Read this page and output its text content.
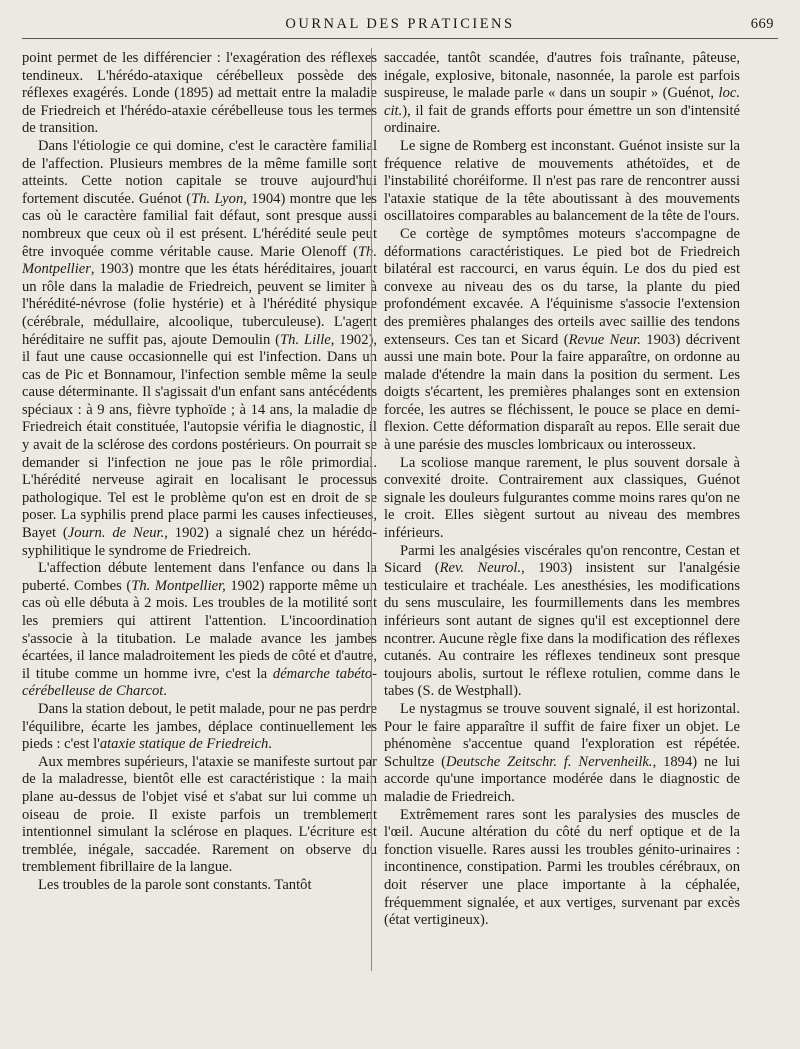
OURNAL DES PRATICIENS	669

point permet de les différencier : l'exagération des réflexes tendineux. L'hérédo-ataxique cérébelleux possède des réflexes exagérés. Londe (1895) ad mettait entre la maladie de Friedreich et l'hérédo-ataxie cérébelleuse tous les termes de transition.

Dans l'étiologie ce qui domine, c'est le caractère familial de l'affection. Plusieurs membres de la même famille sont atteints. Cette notion capitale se trouve aujourd'hui fortement discutée. Guénot (Th. Lyon, 1904) montre que les cas où le caractère familial fait défaut, sont presque aussi nombreux que ceux où il est présent. L'hérédité seule peut être invoquée comme véritable cause. Marie Olenoff (Th. Montpellier, 1903) montre que les états héréditaires, jouant un rôle dans la maladie de Friedreich, peuvent se limiter à l'hérédité-névrose (folie hystérie) et à l'hérédité physique (cérébrale, médullaire, alcoolique, tuberculeuse). L'agent héréditaire ne suffit pas, ajoute Demoulin (Th. Lille, 1902), il faut une cause occasionnelle qui est l'infection. Dans un cas de Pic et Bonnamour, l'infection semble même la seule cause déterminante. Il s'agissait d'un enfant sans antécédents spéciaux : à 9 ans, fièvre typhoïde ; à 14 ans, la maladie de Friedreich était constituée, l'autopsie vérifia le diagnostic, il y avait de la sclérose des cordons postérieurs. On pourrait se demander si l'infection ne joue pas le rôle primordial. L'hérédité nerveuse agirait en localisant le processus pathologique. Tel est le problème qu'on est en droit de se poser. La syphilis prend place parmi les causes infectieuses, Bayet (Journ. de Neur., 1902) a signalé chez un hérédo-syphilitique le syndrome de Friedreich.

L'affection débute lentement dans l'enfance ou dans la puberté. Combes (Th. Montpellier, 1902) rapporte même un cas où elle débuta à 2 mois. Les troubles de la motilité sont les premiers qui attirent l'attention. L'incoordination s'associe à la titubation. Le malade avance les jambes écartées, il lance maladroitement les pieds de côté et d'autre, il titube comme un homme ivre, c'est la démarche tabéto-cérébelleuse de Charcot.

Dans la station debout, le petit malade, pour ne pas perdre l'équilibre, écarte les jambes, déplace continuellement les pieds : c'est l'ataxie statique de Friedreich.

Aux membres supérieurs, l'ataxie se manifeste surtout par de la maladresse, bientôt elle est caractéristique : la main plane au-dessus de l'objet visé et s'abat sur lui comme un oiseau de proie. Il existe parfois un tremblement intentionnel simulant la sclérose en plaques. L'écriture est tremblée, inégale, saccadée. Rarement on observe du tremblement fibrillaire de la langue.

Les troubles de la parole sont constants. Tantôt

saccadée, tantôt scandée, d'autres fois traînante, pâteuse, inégale, explosive, bitonale, nasonnée, la parole est parfois suspireuse, le malade parle « dans un soupir » (Guénot, loc. cit.), il fait de grands efforts pour émettre un son d'intensité ordinaire.

Le signe de Romberg est inconstant. Guénot insiste sur la fréquence relative de mouvements athétoïdes, et de l'instabilité choréiforme. Il n'est pas rare de rencontrer aussi l'ataxie statique de la tête aboutissant à des mouvements oscillatoires comparables au balancement de la tête de l'ours.

Ce cortège de symptômes moteurs s'accompagne de déformations caractéristiques. Le pied bot de Friedreich bilatéral est raccourci, en varus équin. Le dos du pied est convexe au niveau des os du tarse, la plante du pied profondément excavée. A l'équinisme s'associe l'extension des premières phalanges des orteils avec saillie des tendons extenseurs. Ces tan et Sicard (Revue Neur. 1903) décrivent aussi une main bote. Pour la faire apparaître, on ordonne au malade d'étendre la main dans la position du serment. Les doigts s'écartent, les premières phalanges sont en extension forcée, les autres se fléchissent, le pouce se place en demi-flexion. Cette déformation disparaît au repos. Elle serait due à une parésie des muscles lombricaux ou interosseux.

La scoliose manque rarement, le plus souvent dorsale à convexité droite. Contrairement aux classiques, Guénot signale les douleurs fulgurantes comme moins rares qu'on ne le croit. Elles siègent surtout au niveau des membres inférieurs.

Parmi les analgésies viscérales qu'on rencontre, Cestan et Sicard (Rev. Neurol., 1903) insistent sur l'analgésie testiculaire et trachéale. Les anesthésies, les modifications du sens musculaire, les fourmillements dans les membres inférieurs sont autant de signes qu'il est exceptionnel dere ncontrer. Aucune règle fixe dans la modification des réflexes cutanés. Au contraire les réflexes tendineux sont presque toujours abolis, surtout le réflexe rotulien, comme dans le tabes (S. de Westphall).

Le nystagmus se trouve souvent signalé, il est horizontal. Pour le faire apparaître il suffit de faire fixer un objet. Le phénomène s'accentue quand l'exploration est répétée. Schultze (Deutsche Zeitschr. f. Nervenheilk., 1894) ne lui accorde qu'une importance modérée dans le diagnostic de maladie de Friedreich.

Extrêmement rares sont les paralysies des muscles de l'œil. Aucune altération du côté du nerf optique et de la fonction visuelle. Rares aussi les troubles génito-urinaires : incontinence, constipation. Parmi les troubles cérébraux, on doit réserver une place importante à la céphalée, fréquemment signalée, et aux vertiges, survenant par excès (état vertigineux).
